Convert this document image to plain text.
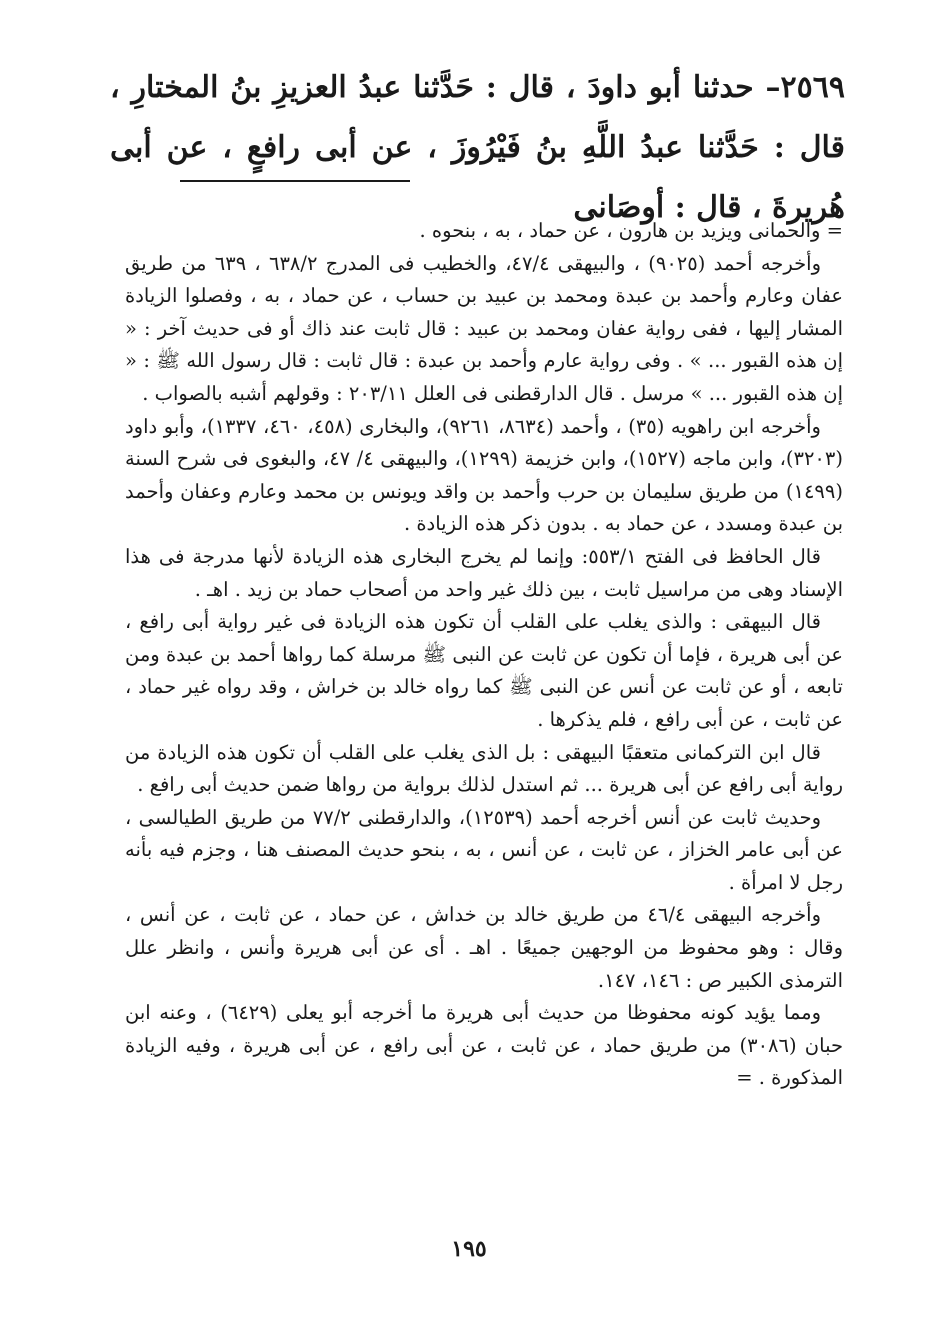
٢٥٦٩– حدثنا أبو داودَ ، قال : حَدَّثنا عبدُ العزيزِ بنُ المختارِ ، قال : حَدَّثنا عبدُ اللَّهِ بنُ فَيْرُوزَ ، عن أبى رافعٍ ، عن أبى هُريرةَ ، قال : أوصَانى

= والحمانى ويزيد بن هارون ، عن حماد ، به ، بنحوه .

وأخرجه أحمد (٩٠٢٥) ، والبيهقى ٤٧/٤، والخطيب فى المدرج ٦٣٨/٢ ، ٦٣٩ من طريق عفان وعارم وأحمد بن عبدة ومحمد بن عبيد بن حساب ، عن حماد ، به ، وفصلوا الزيادة المشار إليها ، ففى رواية عفان ومحمد بن عبيد : قال ثابت عند ذاك أو فى حديث آخر : « إن هذه القبور ... » . وفى رواية عارم وأحمد بن عبدة : قال ثابت : قال رسول الله ﷺ : « إن هذه القبور ... » مرسل . قال الدارقطنى فى العلل ٢٠٣/١١ : وقولهم أشبه بالصواب .

وأخرجه ابن راهويه (٣٥) ، وأحمد (٨٦٣٤، ٩٢٦١)، والبخارى (٤٥٨، ٤٦٠، ١٣٣٧)، وأبو داود (٣٢٠٣)، وابن ماجه (١٥٢٧)، وابن خزيمة (١٢٩٩)، والبيهقى ٤/ ٤٧، والبغوى فى شرح السنة (١٤٩٩) من طريق سليمان بن حرب وأحمد بن واقد ويونس بن محمد وعارم وعفان وأحمد بن عبدة ومسدد ، عن حماد به . بدون ذكر هذه الزيادة .

قال الحافظ فى الفتح ٥٥٣/١: وإنما لم يخرج البخارى هذه الزيادة لأنها مدرجة فى هذا الإسناد وهى من مراسيل ثابت ، بين ذلك غير واحد من أصحاب حماد بن زيد . اهـ .

قال البيهقى : والذى يغلب على القلب أن تكون هذه الزيادة فى غير رواية أبى رافع ، عن أبى هريرة ، فإما أن تكون عن ثابت عن النبى ﷺ مرسلة كما رواها أحمد بن عبدة ومن تابعه ، أو عن ثابت عن أنس عن النبى ﷺ كما رواه خالد بن خراش ، وقد رواه غير حماد ، عن ثابت ، عن أبى رافع ، فلم يذكرها .

قال ابن التركمانى متعقبًا البيهقى : بل الذى يغلب على القلب أن تكون هذه الزيادة من رواية أبى رافع عن أبى هريرة ... ثم استدل لذلك برواية من رواها ضمن حديث أبى رافع .

وحديث ثابت عن أنس أخرجه أحمد (١٢٥٣٩)، والدارقطنى ٧٧/٢ من طريق الطيالسى ، عن أبى عامر الخزاز ، عن ثابت ، عن أنس ، به ، بنحو حديث المصنف هنا ، وجزم فيه بأنه رجل لا امرأة .

وأخرجه البيهقى ٤٦/٤ من طريق خالد بن خداش ، عن حماد ، عن ثابت ، عن أنس ، وقال : وهو محفوظ من الوجهين جميعًا . اهـ . أى عن أبى هريرة وأنس ، وانظر علل الترمذى الكبير ص : ١٤٦، ١٤٧.

ومما يؤيد كونه محفوظا من حديث أبى هريرة ما أخرجه أبو يعلى (٦٤٢٩) ، وعنه ابن حبان (٣٠٨٦) من طريق حماد ، عن ثابت ، عن أبى رافع ، عن أبى هريرة ، وفيه الزيادة المذكورة . =

١٩٥
